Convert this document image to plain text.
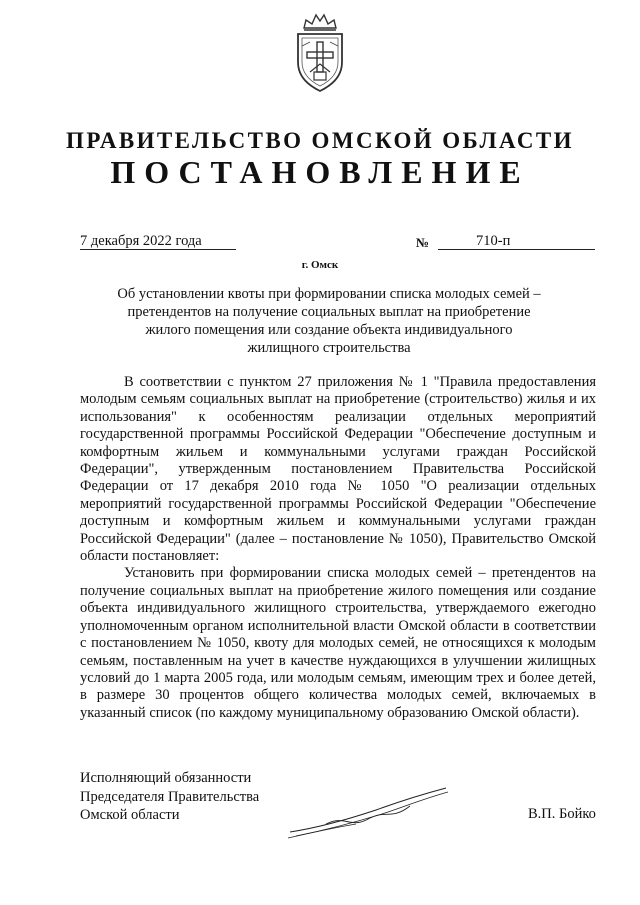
ПРАВИТЕЛЬСТВО ОМСКОЙ ОБЛАСТИ
ПОСТАНОВЛЕНИЕ
7 декабря 2022 года	№	710-п
г. Омск
Об установлении квоты при формировании списка молодых семей – претендентов на получение социальных выплат на приобретение жилого помещения или создание объекта индивидуального жилищного строительства

В соответствии с пунктом 27 приложения № 1 "Правила предоставления молодым семьям социальных выплат на приобретение (строительство) жилья и их использования" к особенностям реализации отдельных мероприятий государственной программы Российской Федерации "Обеспечение доступным и комфортным жильем и коммунальными услугами граждан Российской Федерации", утвержденным постановлением Правительства Российской Федерации от 17 декабря 2010 года № 1050 "О реализации отдельных мероприятий государственной программы Российской Федерации "Обеспечение доступным и комфортным жильем и коммунальными услугами граждан Российской Федерации" (далее – постановление № 1050), Правительство Омской области постановляет:

Установить при формировании списка молодых семей – претендентов на получение социальных выплат на приобретение жилого помещения или создание объекта индивидуального жилищного строительства, утверждаемого ежегодно уполномоченным органом исполнительной власти Омской области в соответствии с постановлением № 1050, квоту для молодых семей, не относящихся к молодым семьям, поставленным на учет в качестве нуждающихся в улучшении жилищных условий до 1 марта 2005 года, или молодым семьям, имеющим трех и более детей, в размере 30 процентов общего количества молодых семей, включаемых в указанный список (по каждому муниципальному образованию Омской области).

Исполняющий обязанности
Председателя Правительства
Омской области	В.П. Бойко
